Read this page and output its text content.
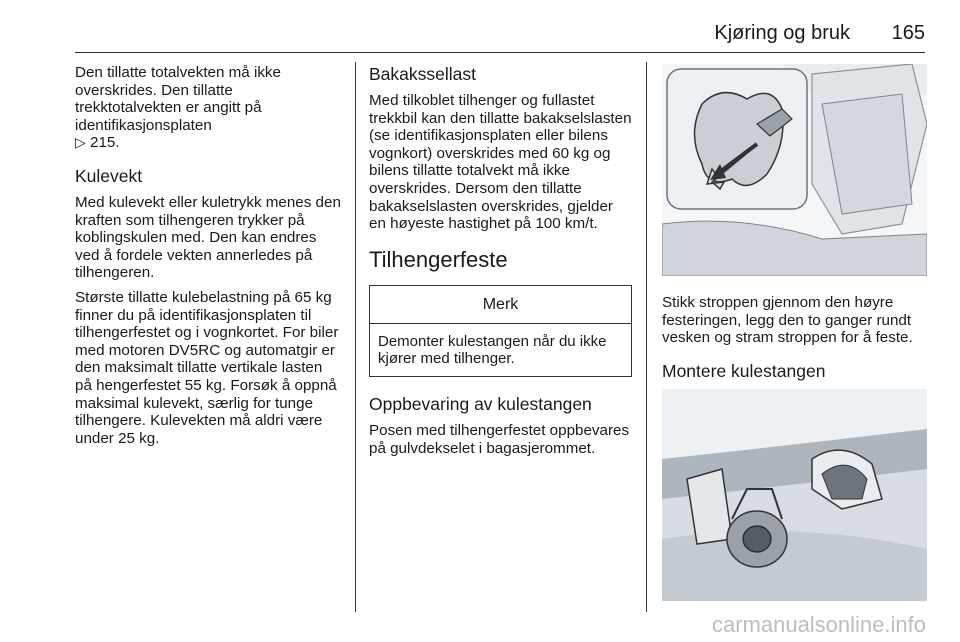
Kjøring og bruk 165

Den tillatte totalvekten må ikke overskrides. Den tillatte trekktotalvekten er angitt på identifikasjonsplaten
▷ 215.

Kulevekt

Med kulevekt eller kuletrykk menes den kraften som tilhengeren trykker på koblingskulen med. Den kan endres ved å fordele vekten annerledes på tilhengeren.

Største tillatte kulebelastning på 65 kg finner du på identifikasjonsplaten til tilhengerfestet og i vognkortet. For biler med motoren DV5RC og automatgir er den maksimalt tillatte vertikale lasten på hengerfestet 55 kg. Forsøk å oppnå maksimal kulevekt, særlig for tunge tilhengere. Kulevekten må aldri være under 25 kg.

Bakakssellast

Med tilkoblet tilhenger og fullastet trekkbil kan den tillatte bakakselslasten (se identifikasjonsplaten eller bilens vognkort) overskrides med 60 kg og bilens tillatte totalvekt må ikke overskrides. Dersom den tillatte bakakselslasten overskrides, gjelder en høyeste hastighet på 100 km/t.

Tilhengerfeste
Merk
Demonter kulestangen når du ikke kjører med tilhenger.
Oppbevaring av kulestangen

Posen med tilhengerfestet oppbevares på gulvdekselet i bagasjerommet.

Stikk stroppen gjennom den høyre festeringen, legg den to ganger rundt vesken og stram stroppen for å feste.

Montere kulestangen
carmanualsonline.info
